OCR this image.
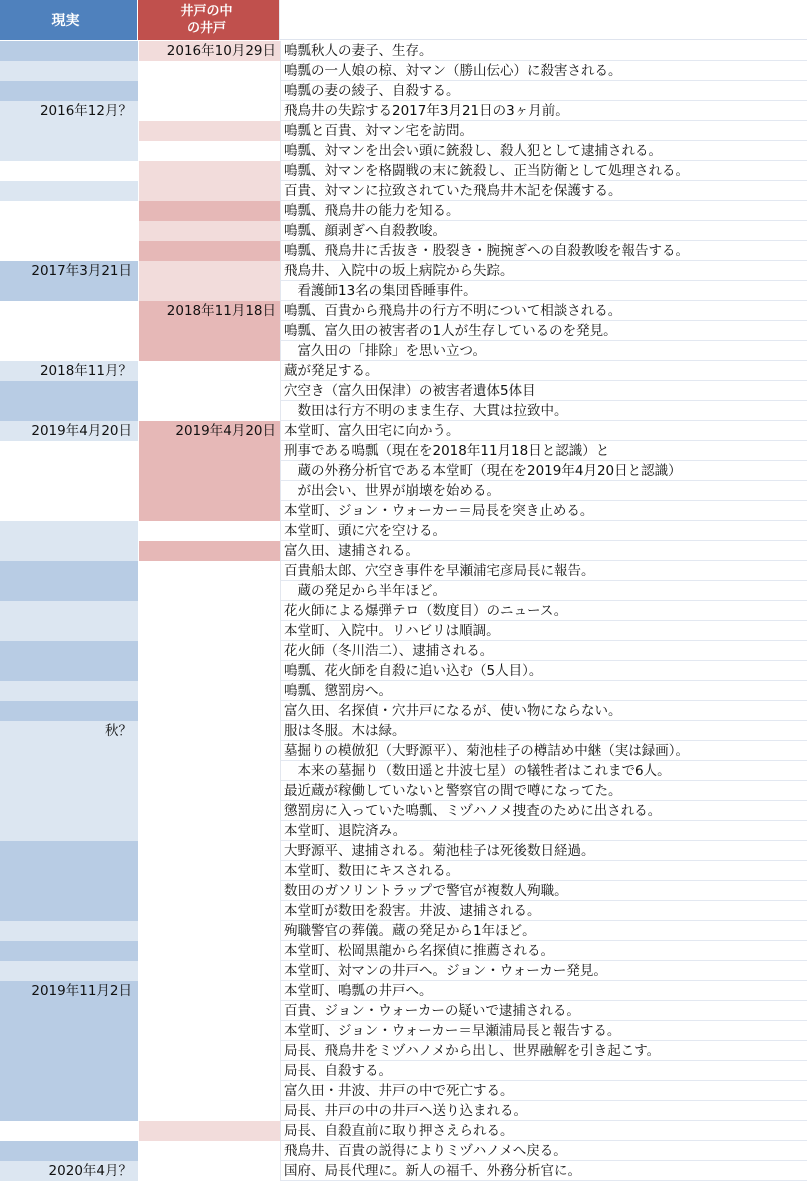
現実
井戸の中
の井戸
2016年10月29日 鳴瓢秋人の妻子、生存。
鳴瓢の一人娘の椋、対マン（勝山伝心）に殺害される。
鳴瓢の妻の綾子、自殺する。
2016年12月？	飛鳥井の失踪する2017年3月21日の3ヶ月前。
鳴瓢と百貴、対マン宅を訪問。
鳴瓢、対マンを出会い頭に銃殺し、殺人犯として逮捕される。
鳴瓢、対マンを格闘戦の末に銃殺し、正当防衛として処理される。
百貴、対マンに拉致されていた飛鳥井木記を保護する。
鳴瓢、飛鳥井の能力を知る。
鳴瓢、顔剥ぎへ自殺教唆。
鳴瓢、飛鳥井に舌抜き・股裂き・腕捥ぎへの自殺教唆を報告する。
2017年3月21日	飛鳥井、入院中の坂上病院から失踪。
　看護師13名の集団昏睡事件。
2018年11月18日 鳴瓢、百貴から飛鳥井の行方不明について相談される。
鳴瓢、富久田の被害者の1人が生存しているのを発見。
　富久田の「排除」を思い立つ。
2018年11月？	蔵が発足する。
穴空き（富久田保津）の被害者遺体5体目
　数田は行方不明のまま生存、大貫は拉致中。
2019年4月20日	2019年4月20日 本堂町、富久田宅に向かう。
刑事である鳴瓢（現在を2018年11月18日と認識）と
　蔵の外務分析官である本堂町（現在を2019年4月20日と認識）
　が出会い、世界が崩壊を始める。
本堂町、ジョン・ウォーカー＝局長を突き止める。
本堂町、頭に穴を空ける。
富久田、逮捕される。
百貴船太郎、穴空き事件を早瀬浦宅彦局長に報告。
　蔵の発足から半年ほど。
花火師による爆弾テロ（数度目）のニュース。
本堂町、入院中。リハビリは順調。
花火師（冬川浩二）、逮捕される。
鳴瓢、花火師を自殺に追い込む（5人目）。
鳴瓢、懲罰房へ。
富久田、名探偵・穴井戸になるが、使い物にならない。
秋？	服は冬服。木は緑。
墓掘りの模倣犯（大野源平）、菊池桂子の樽詰め中継（実は録画）。
　本来の墓掘り（数田遥と井波七星）の犠牲者はこれまで6人。
最近蔵が稼働していないと警察官の間で噂になってた。
懲罰房に入っていた鳴瓢、ミヅハノメ捜査のために出される。
本堂町、退院済み。
大野源平、逮捕される。菊池桂子は死後数日経過。
本堂町、数田にキスされる。
数田のガソリントラップで警官が複数人殉職。
本堂町が数田を殺害。井波、逮捕される。
殉職警官の葬儀。蔵の発足から1年ほど。
本堂町、松岡黒龍から名探偵に推薦される。
本堂町、対マンの井戸へ。ジョン・ウォーカー発見。
2019年11月2日	本堂町、鳴瓢の井戸へ。
百貴、ジョン・ウォーカーの疑いで逮捕される。
本堂町、ジョン・ウォーカー＝早瀬浦局長と報告する。
局長、飛鳥井をミヅハノメから出し、世界融解を引き起こす。
局長、自殺する。
富久田・井波、井戸の中で死亡する。
局長、井戸の中の井戸へ送り込まれる。
局長、自殺直前に取り押さえられる。
飛鳥井、百貴の説得によりミヅハノメへ戻る。
2020年4月？	国府、局長代理に。新人の福千、外務分析官に。
